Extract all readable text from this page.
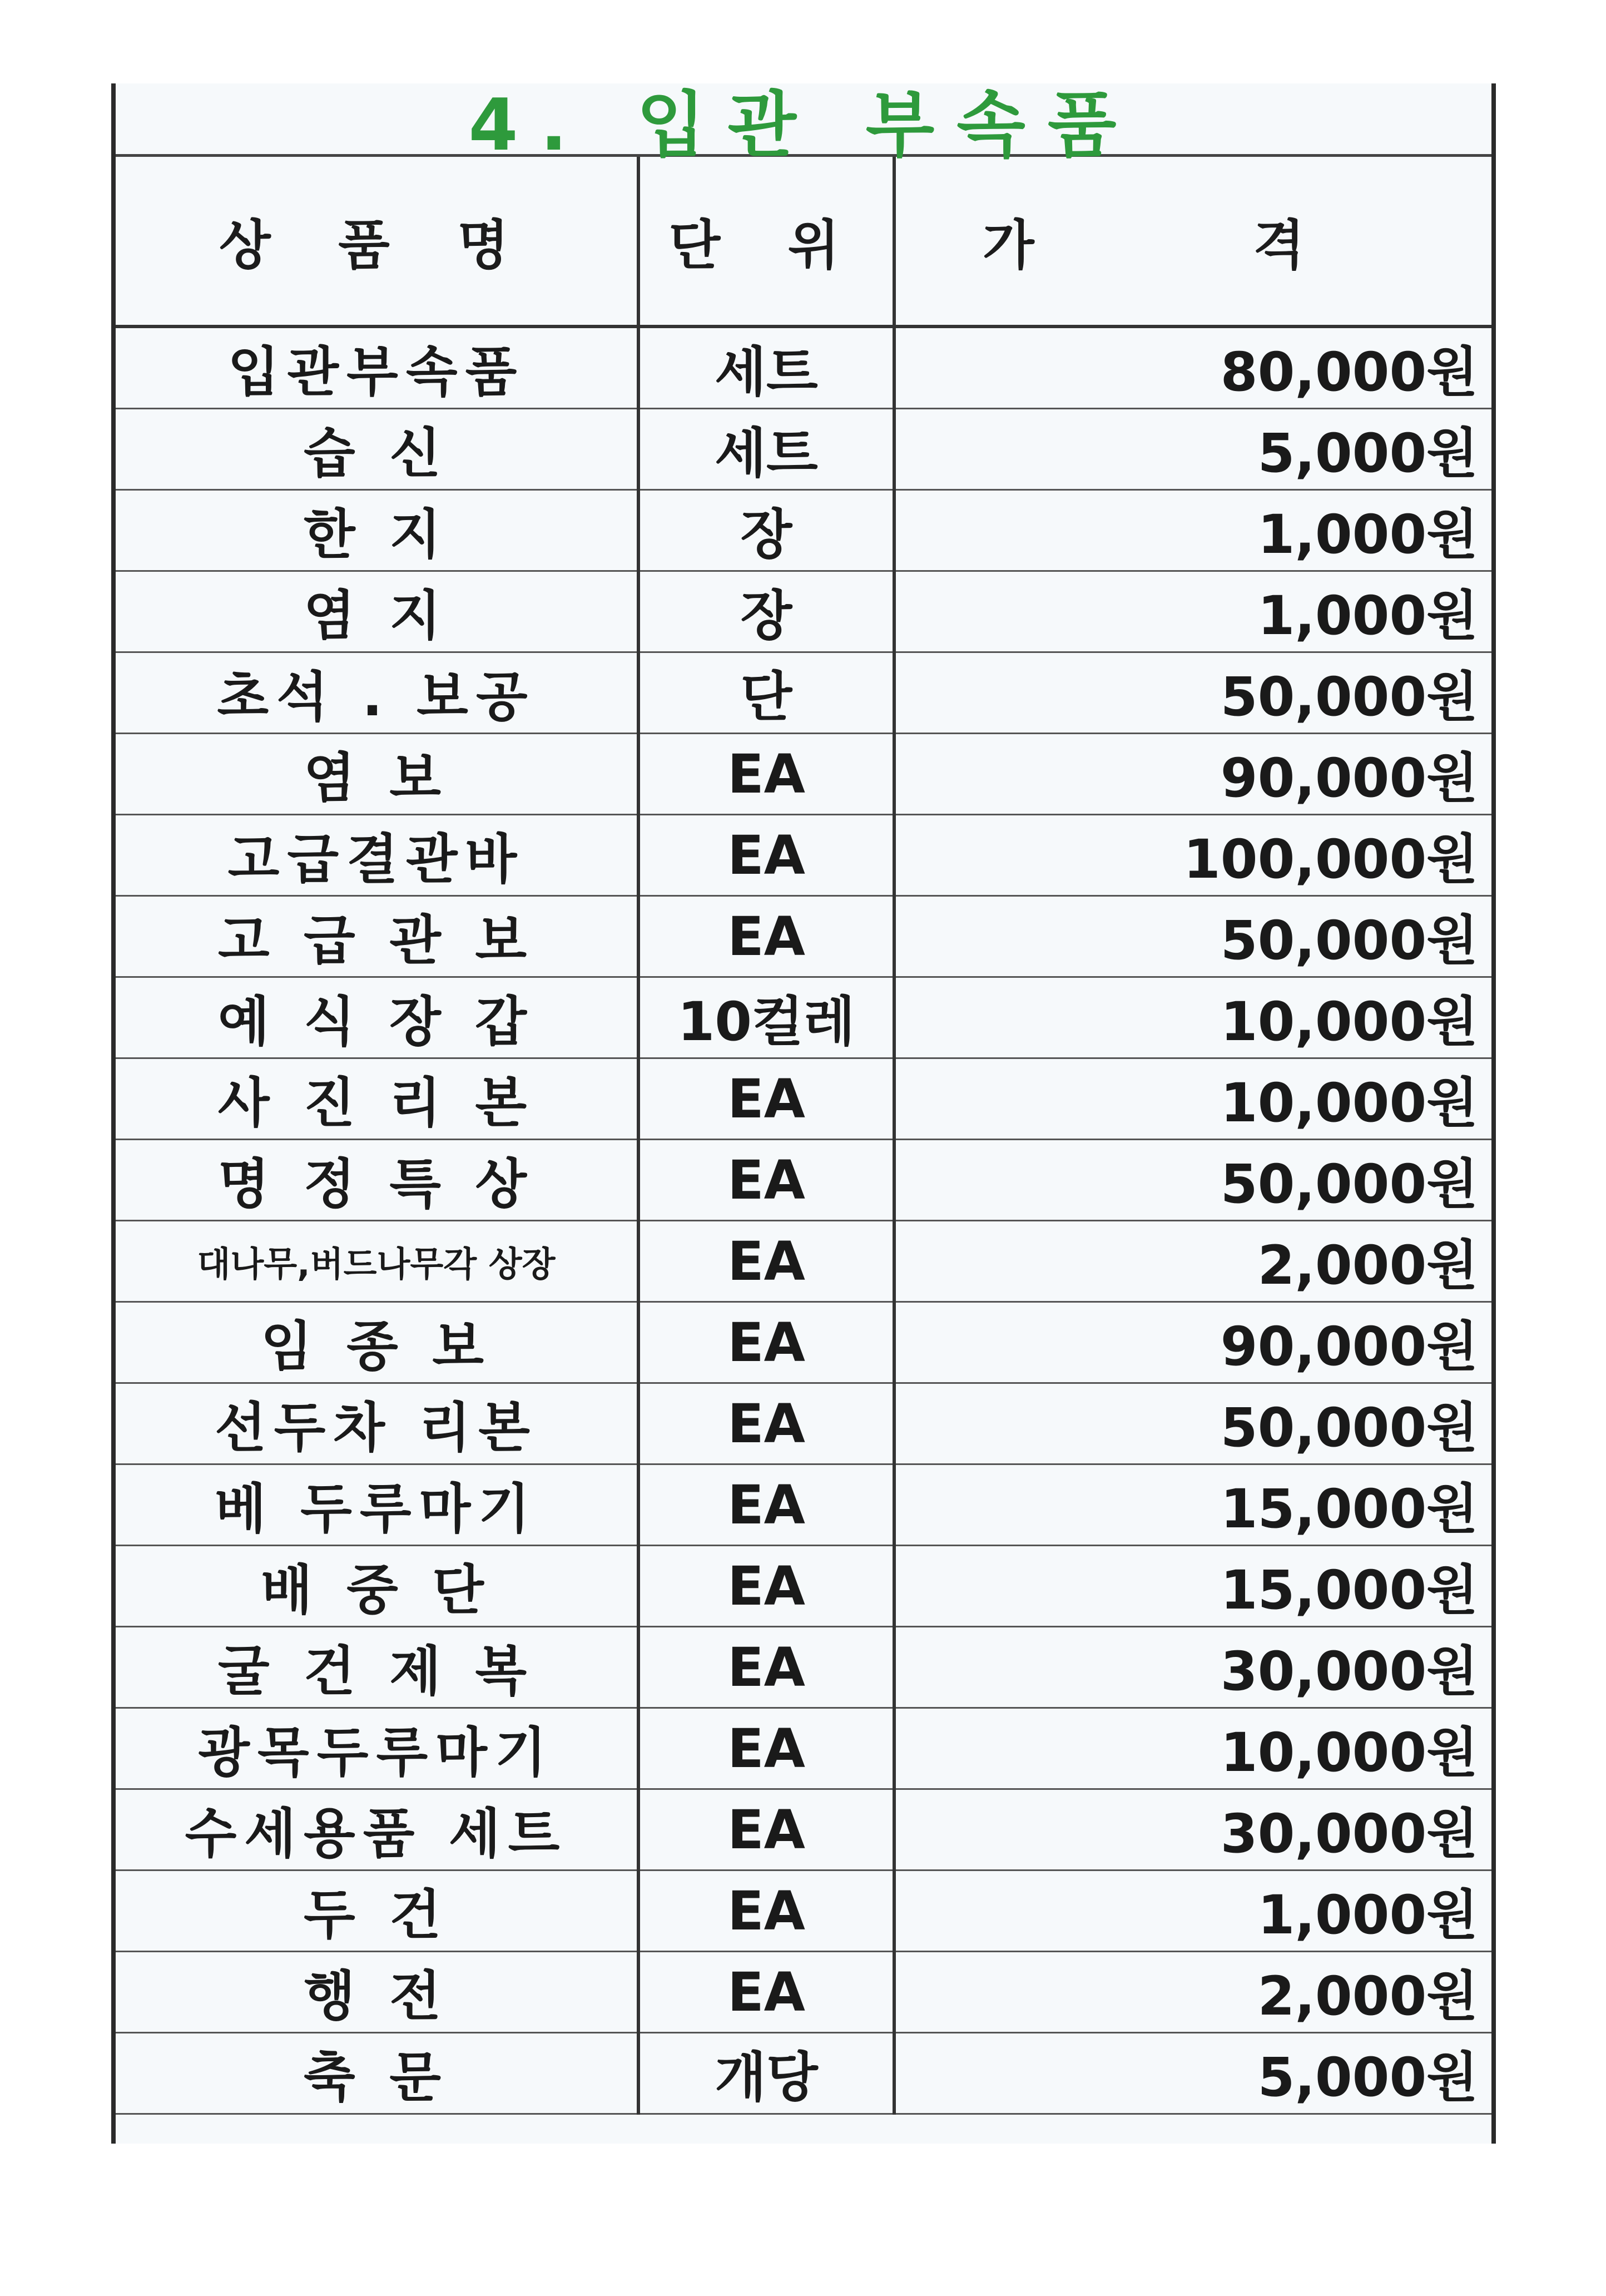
4. 입관 부속품
상 품 명	단 위	가 격
입관부속품	세트	80,000원
습 신	세트	5,000원
한 지	장	1,000원
염 지	장	1,000원
초석 . 보공	단	50,000원
염 보	EA	90,000원
고급결관바	EA	100,000원
고 급 관 보	EA	50,000원
예 식 장 갑	10컬레	10,000원
사 진 리 본	EA	10,000원
명 정 특 상	EA	50,000원
대나무,버드나무각 상장	EA	2,000원
임 종 보	EA	90,000원
선두차 리본	EA	50,000원
베 두루마기	EA	15,000원
배 중 단	EA	15,000원
굴 건 제 복	EA	30,000원
광목두루마기	EA	10,000원
수세용품 세트	EA	30,000원
두 건	EA	1,000원
행 전	EA	2,000원
축 문	개당	5,000원
